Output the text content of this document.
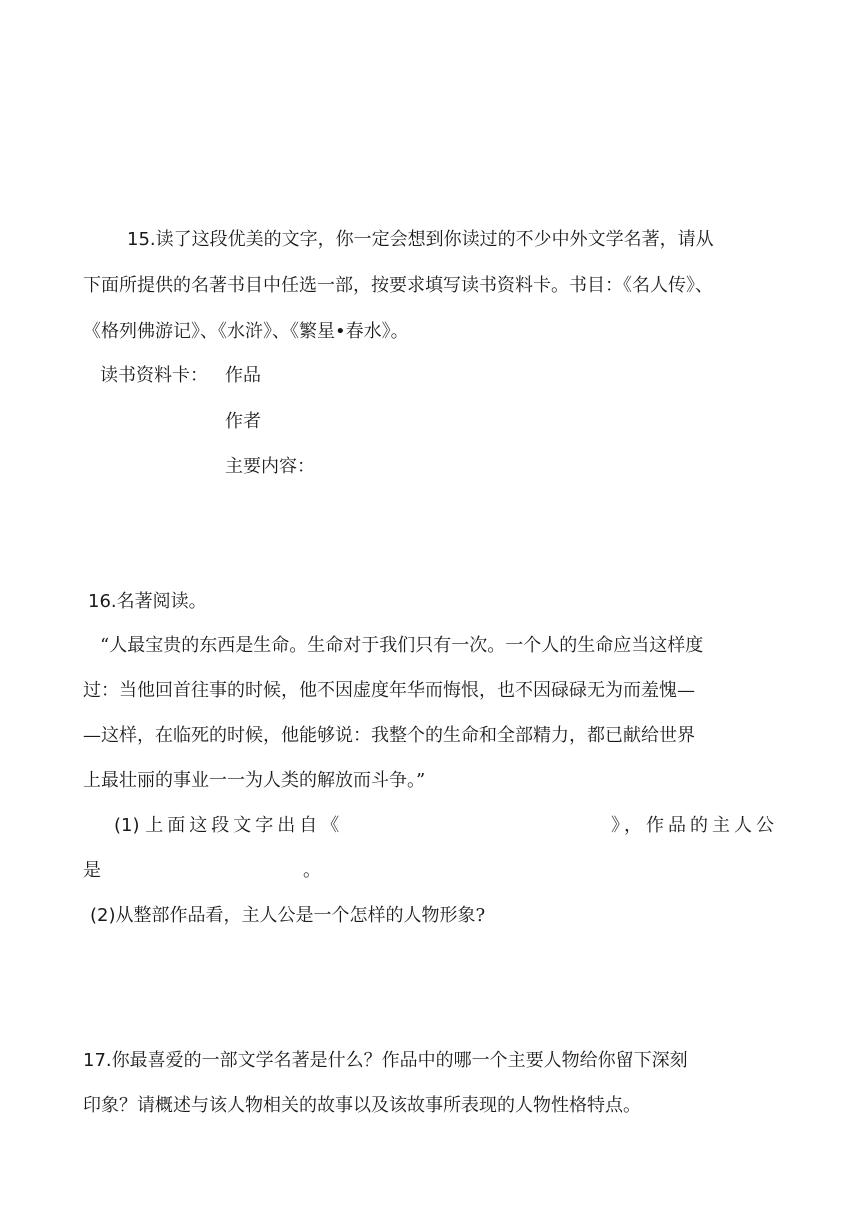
15.读了这段优美的文字，你一定会想到你读过的不少中外文学名著，请从
下面所提供的名著书目中任选一部，按要求填写读书资料卡。书目：《名人传》、
《格列佛游记》、《水浒》、《繁星•春水》。
读书资料卡： 作品
作者
主要内容：
16.名著阅读。
“人最宝贵的东西是生命。生命对于我们只有一次。一个人的生命应当这样度
过：当他回首往事的时候，他不因虚度年华而悔恨，也不因碌碌无为而羞愧—
—这样，在临死的时候，他能够说：我整个的生命和全部精力，都已献给世界
上最壮丽的事业一一为人类的解放而斗争。”
(1) 上面这段文字出自《	》，作品的主人公
是	。
(2)从整部作品看，主人公是一个怎样的人物形象?
17.你最喜爱的一部文学名著是什么？作品中的哪一个主要人物给你留下深刻
印象？请概述与该人物相关的故事以及该故事所表现的人物性格特点。
